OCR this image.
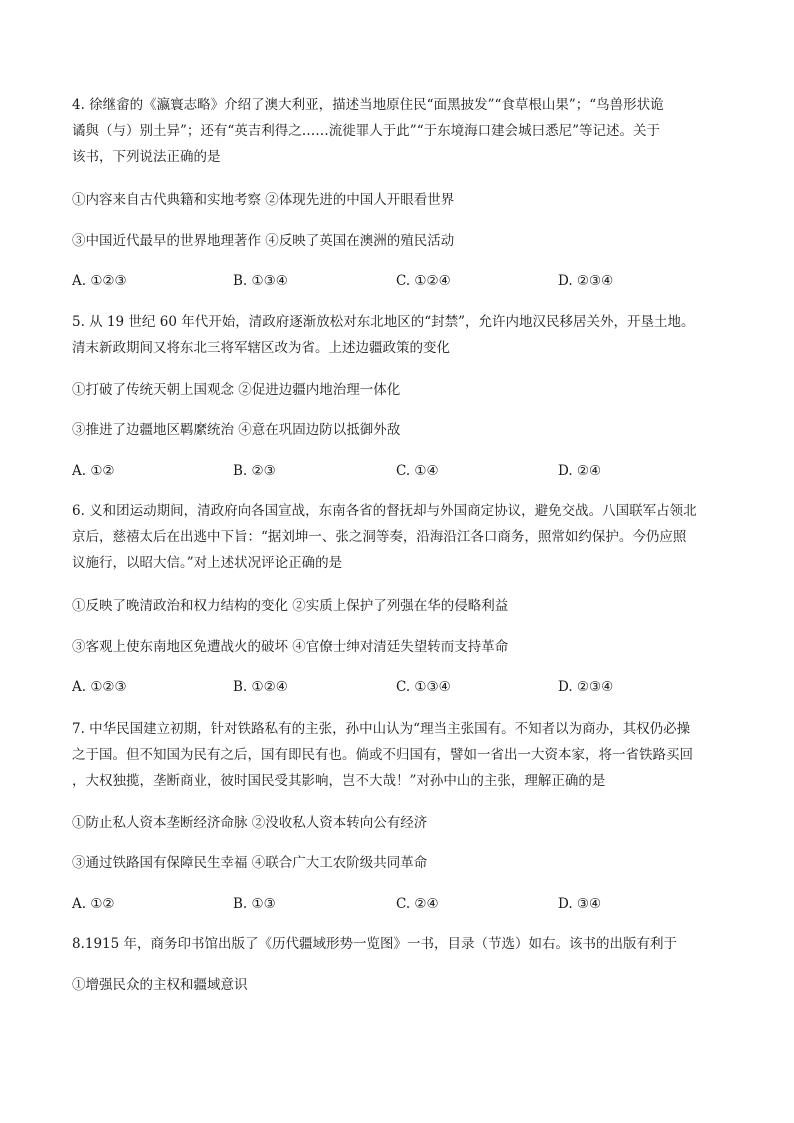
4. 徐继畲的《瀛寰志略》介绍了澳大利亚，描述当地原住民“面黑披发”“食草根山果”；“鸟兽形状诡

谲與（与）别土异”；还有“英吉利得之……流徙罪人于此”“于东境海口建会城曰悉尼”等记述。关于

该书，下列说法正确的是

①内容来自古代典籍和实地考察 ②体现先进的中国人开眼看世界
③中国近代最早的世界地理著作 ④反映了英国在澳洲的殖民活动
A. ①②③	B. ①③④	C. ①②④	D. ②③④

5. 从 19 世纪 60 年代开始，清政府逐渐放松对东北地区的“封禁”，允许内地汉民移居关外，开垦土地。

清末新政期间又将东北三将军辖区改为省。上述边疆政策的变化

①打破了传统天朝上国观念 ②促进边疆内地治理一体化
③推进了边疆地区羁縻统治 ④意在巩固边防以抵御外敌
A. ①②	B. ②③	C. ①④	D. ②④

6. 义和团运动期间，清政府向各国宣战，东南各省的督抚却与外国商定协议，避免交战。八国联军占领北

京后，慈禧太后在出逃中下旨：“据刘坤一、张之洞等奏，沿海沿江各口商务，照常如约保护。今仍应照

议施行，以昭大信。”对上述状况评论正确的是

①反映了晚清政治和权力结构的变化 ②实质上保护了列强在华的侵略利益
③客观上使东南地区免遭战火的破坏 ④官僚士绅对清廷失望转而支持革命
A. ①②③	B. ①②④	C. ①③④	D. ②③④

7. 中华民国建立初期，针对铁路私有的主张，孙中山认为“理当主张国有。不知者以为商办，其权仍必操

之于国。但不知国为民有之后，国有即民有也。倘或不归国有，譬如一省出一大资本家，将一省铁路买回

，大权独揽，垄断商业，彼时国民受其影响，岂不大哉！”对孙中山的主张，理解正确的是

①防止私人资本垄断经济命脉 ②没收私人资本转向公有经济
③通过铁路国有保障民生幸福 ④联合广大工农阶级共同革命
A. ①②	B. ①③	C. ②④	D. ③④
8.1915 年，商务印书馆出版了《历代疆域形势一览图》一书，目录（节选）如右。该书的出版有利于
①增强民众的主权和疆域意识
